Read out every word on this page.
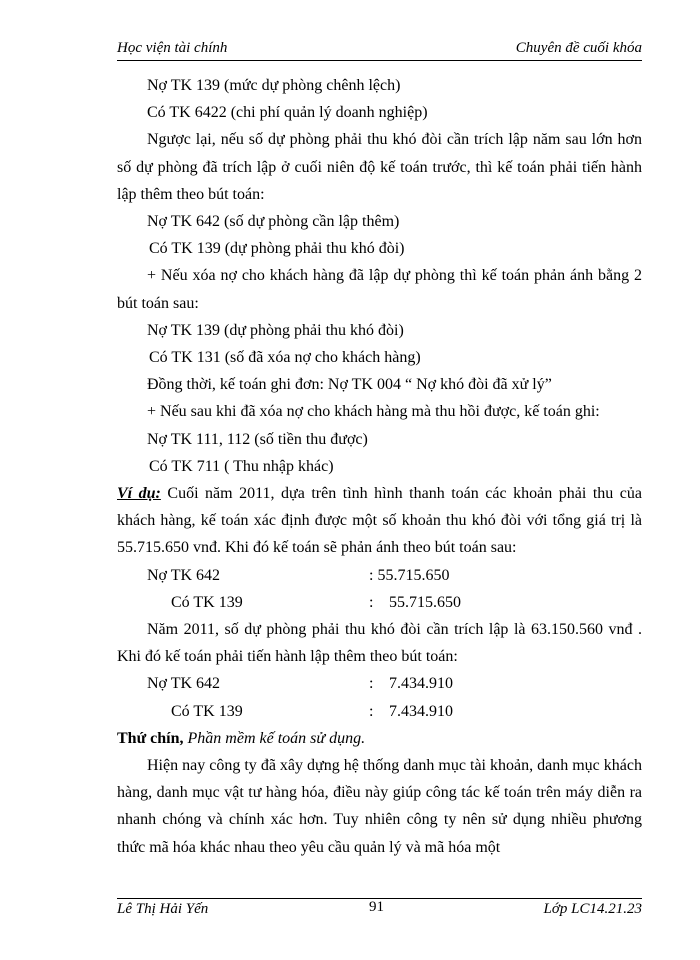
Học viện tài chính	Chuyên đề cuối khóa

Nợ TK 139 (mức dự phòng chênh lệch)

Có TK 6422 (chi phí quản lý doanh nghiệp)

Ngược lại, nếu số dự phòng phải thu khó đòi cần trích lập năm sau lớn hơn số dự phòng đã trích lập ở cuối niên độ kế toán trước, thì kế toán phải tiến hành lập thêm theo bút toán:

Nợ TK 642 (số dự phòng cần lập thêm)

Có TK 139 (dự phòng phải thu khó đòi)

+ Nếu xóa nợ cho khách hàng đã lập dự phòng thì kế toán phản ánh bằng 2 bút toán sau:

Nợ TK 139 (dự phòng phải thu khó đòi)

Có TK 131 (số đã xóa nợ cho khách hàng)

Đồng thời, kế toán ghi đơn: Nợ TK 004 “ Nợ khó đòi đã xử lý”

+ Nếu sau khi đã xóa nợ cho khách hàng mà thu hồi được, kế toán ghi:

Nợ TK 111, 112 (số tiền thu được)

Có TK 711 ( Thu nhập khác)

Ví dụ: Cuối năm 2011, dựa trên tình hình thanh toán các khoản phải thu của khách hàng, kế toán xác định được một số khoản thu khó đòi với tổng giá trị là 55.715.650 vnđ. Khi đó kế toán sẽ phản ánh theo bút toán sau:

Nợ TK 642	: 55.715.650
Có TK 139	: 55.715.650

Năm 2011, số dự phòng phải thu khó đòi cần trích lập là 63.150.560 vnđ . Khi đó kế toán phải tiến hành lập thêm theo bút toán:

Nợ TK 642	: 7.434.910
Có TK 139	: 7.434.910

Thứ chín, Phần mềm kế toán sử dụng.

Hiện nay công ty đã xây dựng hệ thống danh mục tài khoản, danh mục khách hàng, danh mục vật tư hàng hóa, điều này giúp công tác kế toán trên máy diễn ra nhanh chóng và chính xác hơn. Tuy nhiên công ty nên sử dụng nhiều phương thức mã hóa khác nhau theo yêu cầu quản lý và mã hóa một

Lê Thị Hải Yến	91	Lớp LC14.21.23
